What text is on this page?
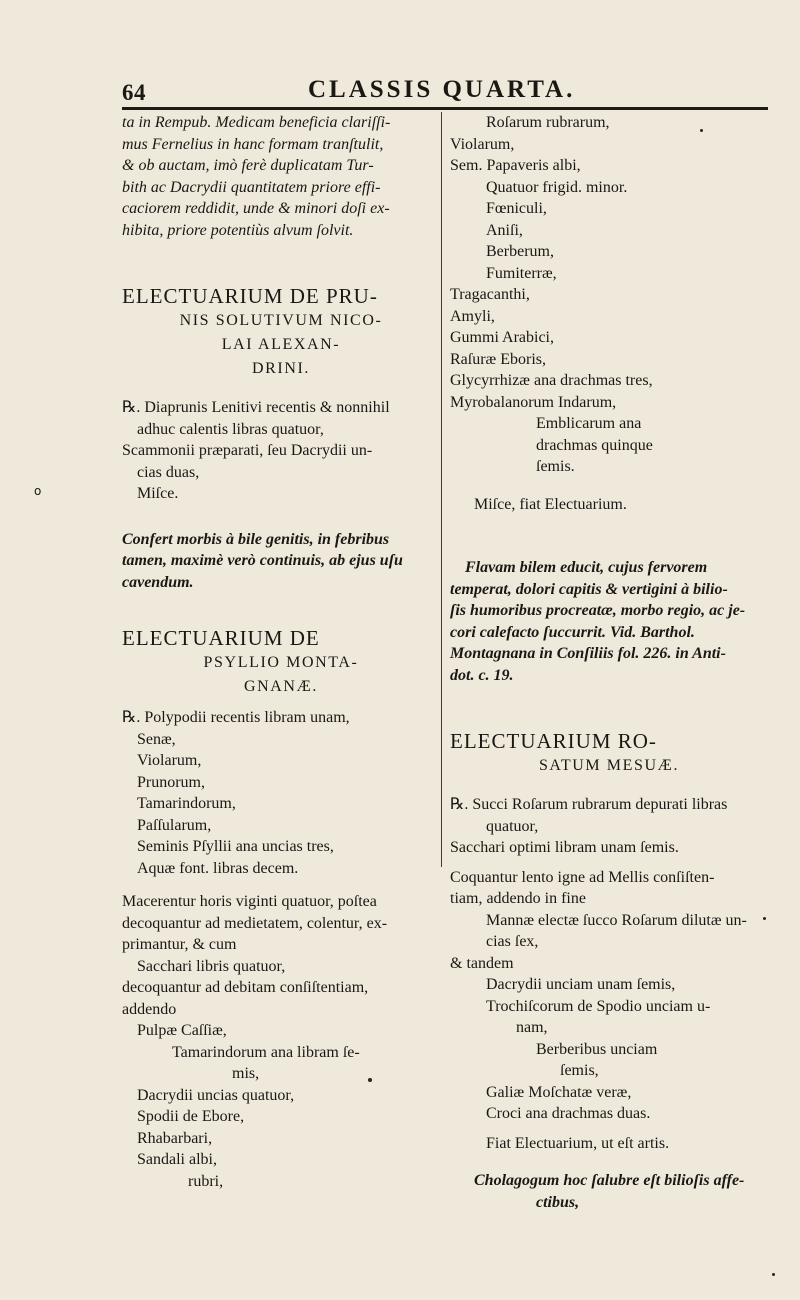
64	CLASSIS QUARTA.
ta in Rempub. Medicam beneficia clariſſi-
mus Fernelius in hanc formam tranſtulit,
& ob auctam, imò ferè duplicatam Tur-
bith ac Dacrydii quantitatem priore effi-
caciorem reddidit, unde & minori doſi ex-
hibita, priore potentiùs alvum ſolvit.
ELECTUARIUM DE PRU-
NIS SOLUTIVUM NICO-
LAI ALEXAN-
DRINI.
℞. Diaprunis Lenitivi recentis & nonnihil
adhuc calentis libras quatuor,
Scammonii præparati, ſeu Dacrydii un-
cias duas,
Miſce.
Confert morbis à bile genitis, in febribus
tamen, maximè verò continuis, ab ejus uſu
cavendum.
ELECTUARIUM DE
PSYLLIO MONTA-
GNANÆ.
℞. Polypodii recentis libram unam,
Senæ,
Violarum,
Prunorum,
Tamarindorum,
Paſſularum,
Seminis Pſyllii ana uncias tres,
Aquæ font. libras decem.
Macerentur horis viginti quatuor, poſtea
decoquantur ad medietatem, colentur, ex-
primantur, & cum
Sacchari libris quatuor,
decoquantur ad debitam conſiſtentiam,
addendo
Pulpæ Caſſiæ,
Tamarindorum ana libram ſe-
mis,
Dacrydii uncias quatuor,
Spodii de Ebore,
Rhabarbari,
Sandali albi,
rubri,
Roſarum rubrarum,
Violarum,
Sem. Papaveris albi,
Quatuor frigid. minor.
Fœniculi,
Aniſi,
Berberum,
Fumiterræ,
Tragacanthi,
Amyli,
Gummi Arabici,
Raſuræ Eboris,
Glycyrrhizæ ana drachmas tres,
Myrobalanorum Indarum,
Emblicarum ana
drachmas quinque
ſemis.
Miſce, fiat Electuarium.
Flavam bilem educit, cujus fervorem
temperat, dolori capitis & vertigini à bilio-
ſis humoribus procreatæ, morbo regio, ac je-
cori calefacto ſuccurrit. Vid. Barthol.
Montagnana in Conſiliis fol. 226. in Anti-
dot. c. 19.
ELECTUARIUM RO-
SATUM MESUÆ.
℞. Succi Roſarum rubrarum depurati libras
quatuor,
Sacchari optimi libram unam ſemis.
Coquantur lento igne ad Mellis conſiſten-
tiam, addendo in fine
Mannæ electæ ſucco Roſarum dilutæ un-
cias ſex,
& tandem
Dacrydii unciam unam ſemis,
Trochiſcorum de Spodio unciam u-
nam,
Berberibus unciam
ſemis,
Galiæ Moſchatæ veræ,
Croci ana drachmas duas.
Fiat Electuarium, ut eſt artis.
Cholagogum hoc ſalubre eſt bilioſis affe-
ctibus,
o
